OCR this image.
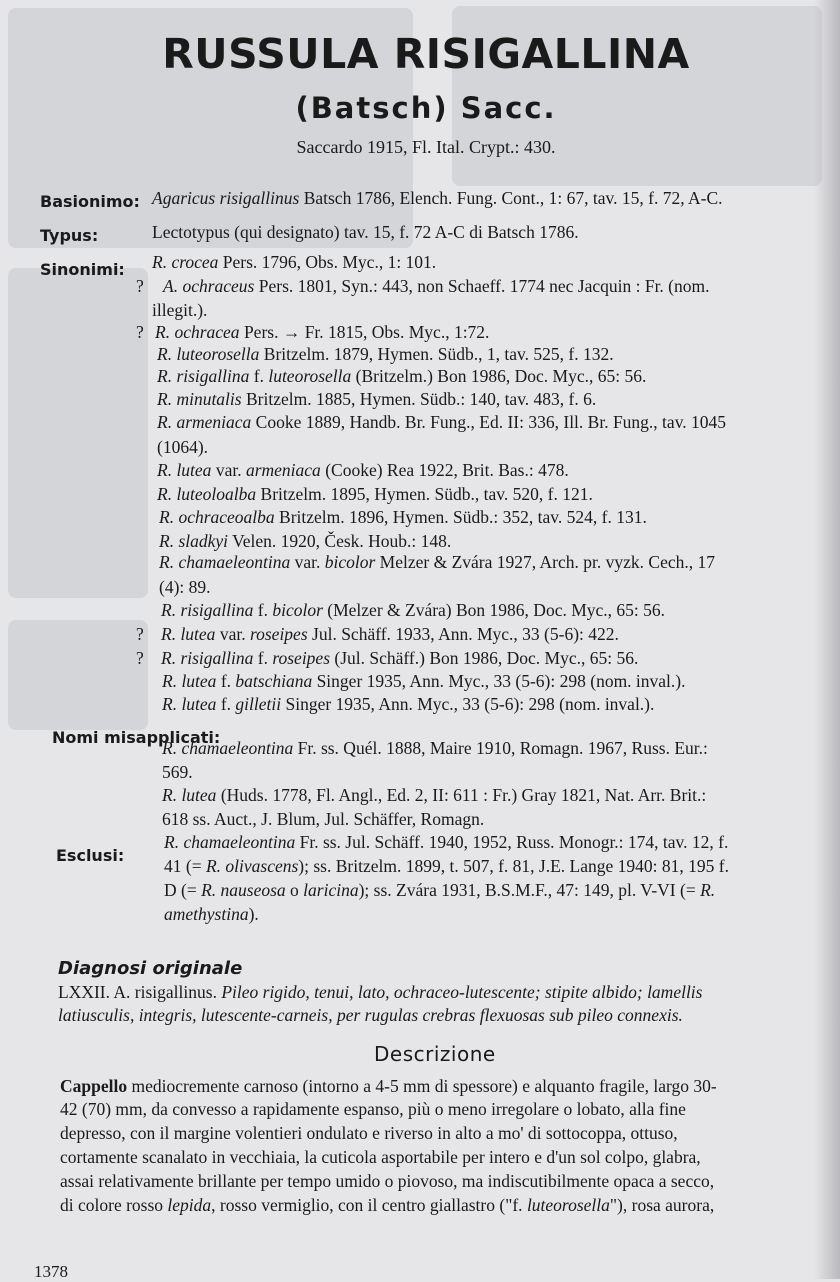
RUSSULA RISIGALLINA
(Batsch) Sacc.
Saccardo 1915, Fl. Ital. Crypt.: 430.
Basionimo: Agaricus risigallinus Batsch 1786, Elench. Fung. Cont., 1: 67, tav. 15, f. 72, A-C.
Typus:	Lectotypus (qui designato) tav. 15, f. 72 A-C di Batsch 1786.
Sinonimi: R. crocea Pers. 1796, Obs. Myc., 1: 101.
A. ochraceus Pers. 1801, Syn.: 443, non Schaeff. 1774 nec Jacquin : Fr. (nom.
?
illegit.).
R. ochracea Pers. → Fr. 1815, Obs. Myc., 1:72.
?
R. luteorosella Britzelm. 1879, Hymen. Südb., 1, tav. 525, f. 132.
R. risigallina f. luteorosella (Britzelm.) Bon 1986, Doc. Myc., 65: 56.
R. minutalis Britzelm. 1885, Hymen. Südb.: 140, tav. 483, f. 6.
R. armeniaca Cooke 1889, Handb. Br. Fung., Ed. II: 336, Ill. Br. Fung., tav. 1045
(1064).
R. lutea var. armeniaca (Cooke) Rea 1922, Brit. Bas.: 478.
R. luteoloalba Britzelm. 1895, Hymen. Südb., tav. 520, f. 121.
R. ochraceoalba Britzelm. 1896, Hymen. Südb.: 352, tav. 524, f. 131.
R. sladkyi Velen. 1920, Česk. Houb.: 148.
R. chamaeleontina var. bicolor Melzer & Zvára 1927, Arch. pr. vyzk. Cech., 17
(4): 89.
R. risigallina f. bicolor (Melzer & Zvára) Bon 1986, Doc. Myc., 65: 56.
R. lutea var. roseipes Jul. Schäff. 1933, Ann. Myc., 33 (5-6): 422.
?
R. risigallina f. roseipes (Jul. Schäff.) Bon 1986, Doc. Myc., 65: 56.
?
R. lutea f. batschiana Singer 1935, Ann. Myc., 33 (5-6): 298 (nom. inval.).
R. lutea f. gilletii Singer 1935, Ann. Myc., 33 (5-6): 298 (nom. inval.).
Nomi misapplicati:
R. chamaeleontina Fr. ss. Quél. 1888, Maire 1910, Romagn. 1967, Russ. Eur.:
569.
R. lutea (Huds. 1778, Fl. Angl., Ed. 2, II: 611 : Fr.) Gray 1821, Nat. Arr. Brit.:
618 ss. Auct., J. Blum, Jul. Schäffer, Romagn.
Esclusi:
R. chamaeleontina Fr. ss. Jul. Schäff. 1940, 1952, Russ. Monogr.: 174, tav. 12, f.
41 (= R. olivascens); ss. Britzelm. 1899, t. 507, f. 81, J.E. Lange 1940: 81, 195 f.
D (= R. nauseosa o laricina); ss. Zvára 1931, B.S.M.F., 47: 149, pl. V-VI (= R.
amethystina).
Diagnosi originale
LXXII. A. risigallinus. Pileo rigido, tenui, lato, ochraceo-lutescente; stipite albido; lamellis
latiusculis, integris, lutescente-carneis, per rugulas crebras flexuosas sub pileo connexis.
Descrizione
Cappello mediocremente carnoso (intorno a 4-5 mm di spessore) e alquanto fragile, largo 30-
42 (70) mm, da convesso a rapidamente espanso, più o meno irregolare o lobato, alla fine
depresso, con il margine volentieri ondulato e riverso in alto a mo' di sottocoppa, ottuso,
cortamente scanalato in vecchiaia, la cuticola asportabile per intero e d'un sol colpo, glabra,
assai relativamente brillante per tempo umido o piovoso, ma indiscutibilmente opaca a secco,
di colore rosso lepida, rosso vermiglio, con il centro giallastro ("f. luteorosella"), rosa aurora,
1378
